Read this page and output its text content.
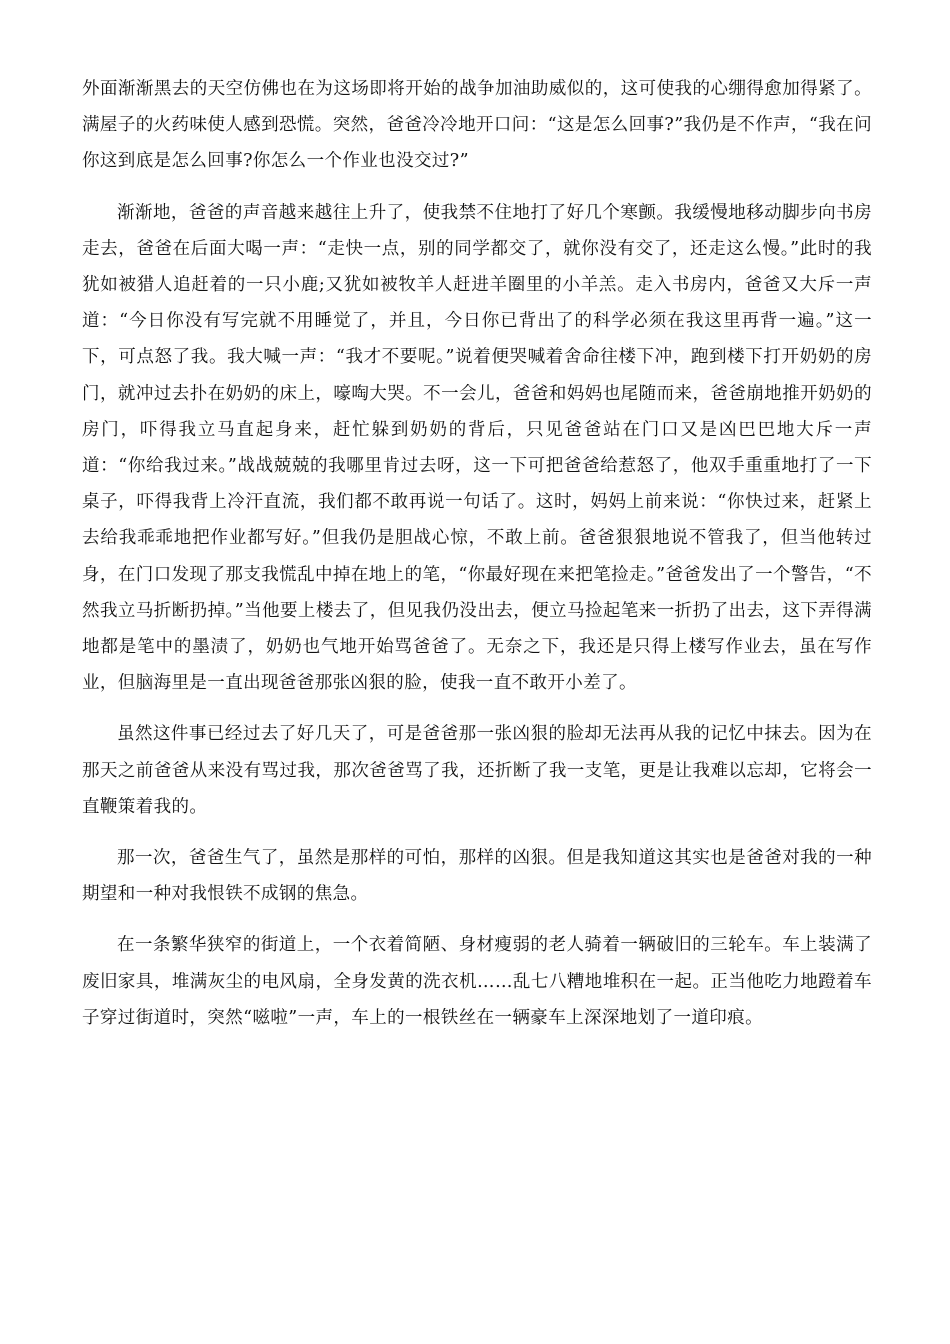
外面渐渐黑去的天空仿佛也在为这场即将开始的战争加油助威似的，这可使我的心绷得愈加得紧了。满屋子的火药味使人感到恐慌。突然，爸爸冷冷地开口问：“这是怎么回事?”我仍是不作声，“我在问你这到底是怎么回事?你怎么一个作业也没交过?”

渐渐地，爸爸的声音越来越往上升了，使我禁不住地打了好几个寒颤。我缓慢地移动脚步向书房走去，爸爸在后面大喝一声：“走快一点，别的同学都交了，就你没有交了，还走这么慢。”此时的我犹如被猎人追赶着的一只小鹿;又犹如被牧羊人赶进羊圈里的小羊羔。走入书房内，爸爸又大斥一声道：“今日你没有写完就不用睡觉了，并且，今日你已背出了的科学必须在我这里再背一遍。”这一下，可点怒了我。我大喊一声：“我才不要呢。”说着便哭喊着舍命往楼下冲，跑到楼下打开奶奶的房门，就冲过去扑在奶奶的床上，嚎啕大哭。不一会儿，爸爸和妈妈也尾随而来，爸爸崩地推开奶奶的房门，吓得我立马直起身来，赶忙躲到奶奶的背后，只见爸爸站在门口又是凶巴巴地大斥一声道：“你给我过来。”战战兢兢的我哪里肯过去呀，这一下可把爸爸给惹怒了，他双手重重地打了一下桌子，吓得我背上冷汗直流，我们都不敢再说一句话了。这时，妈妈上前来说：“你快过来，赶紧上去给我乖乖地把作业都写好。”但我仍是胆战心惊，不敢上前。爸爸狠狠地说不管我了，但当他转过身，在门口发现了那支我慌乱中掉在地上的笔，“你最好现在来把笔捡走。”爸爸发出了一个警告，“不然我立马折断扔掉。”当他要上楼去了，但见我仍没出去，便立马捡起笔来一折扔了出去，这下弄得满地都是笔中的墨渍了，奶奶也气地开始骂爸爸了。无奈之下，我还是只得上楼写作业去，虽在写作业，但脑海里是一直出现爸爸那张凶狠的脸，使我一直不敢开小差了。

虽然这件事已经过去了好几天了，可是爸爸那一张凶狠的脸却无法再从我的记忆中抹去。因为在那天之前爸爸从来没有骂过我，那次爸爸骂了我，还折断了我一支笔，更是让我难以忘却，它将会一直鞭策着我的。

那一次，爸爸生气了，虽然是那样的可怕，那样的凶狠。但是我知道这其实也是爸爸对我的一种期望和一种对我恨铁不成钢的焦急。

在一条繁华狭窄的街道上，一个衣着简陋、身材瘦弱的老人骑着一辆破旧的三轮车。车上装满了废旧家具，堆满灰尘的电风扇，全身发黄的洗衣机……乱七八糟地堆积在一起。正当他吃力地蹬着车子穿过街道时，突然“嗞啦”一声，车上的一根铁丝在一辆豪车上深深地划了一道印痕。
